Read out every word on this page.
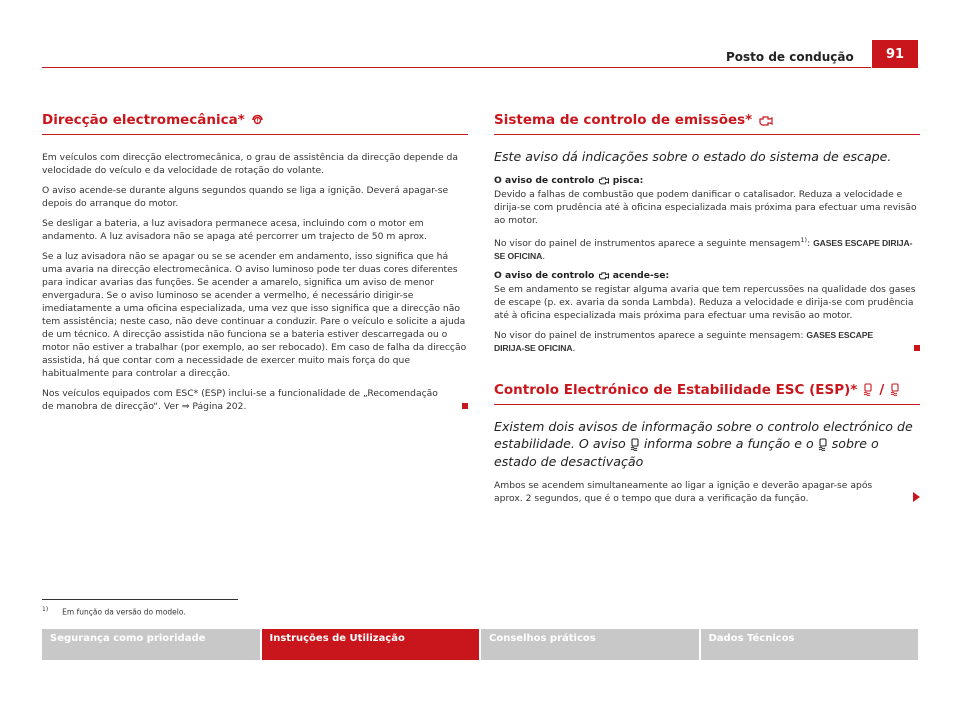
Posto de condução	91
Direcção electromecânica* !

Em veículos com direcção electromecânica, o grau de assistência da direcção depende da velocidade do veículo e da velocidade de rotação do volante.

O aviso acende-se durante alguns segundos quando se liga a ignição. Deverá apagar-se depois do arranque do motor.

Se desligar a bateria, a luz avisadora permanece acesa, incluindo com o motor em andamento. A luz avisadora não se apaga até percorrer um trajecto de 50 m aprox.

Se a luz avisadora não se apagar ou se se acender em andamento, isso significa que há uma avaria na direcção electromecânica. O aviso luminoso pode ter duas cores diferentes para indicar avarias das funções. Se acender a amarelo, significa um aviso de menor envergadura. Se o aviso luminoso se acender a vermelho, é necessário dirigir-se imediatamente a uma oficina especializada, uma vez que isso significa que a direcção não tem assistência; neste caso, não deve continuar a conduzir. Pare o veículo e solicite a ajuda de um técnico. A direcção assistida não funciona se a bateria estiver descarregada ou o motor não estiver a trabalhar (por exemplo, ao ser rebocado). Em caso de falha da direcção assistida, há que contar com a necessidade de exercer muito mais força do que habitualmente para controlar a direcção.

Nos veículos equipados com ESC* (ESP) inclui-se a funcionalidade de „Recomendação de manobra de direcção“. Ver ⇒ Página 202.

Sistema de controlo de emissões*

Este aviso dá indicações sobre o estado do sistema de escape.

O aviso de controlo pisca:

Devido a falhas de combustão que podem danificar o catalisador. Reduza a velocidade e dirija-se com prudência até à oficina especializada mais próxima para efectuar uma revisão ao motor.

No visor do painel de instrumentos aparece a seguinte mensagem$^{1)}$: GASES ESCAPE DIRIJA-SE OFICINA.

O aviso de controlo acende-se:

Se em andamento se registar alguma avaria que tem repercussões na qualidade dos gases de escape (p. ex. avaria da sonda Lambda). Reduza a velocidade e dirija-se com prudência até à oficina especializada mais próxima para efectuar uma revisão ao motor.

No visor do painel de instrumentos aparece a seguinte mensagem: GASES ESCAPE DIRIJA-SE OFICINA.

Controlo Electrónico de Estabilidade ESC (ESP)* /

Existem dois avisos de informação sobre o controlo electrónico de estabilidade. O aviso informa sobre a função e o sobre o estado de desactivação

Ambos se acendem simultaneamente ao ligar a ignição e deverão apagar-se após aprox. 2 segundos, que é o tempo que dura a verificação da função.

$^{1)}$ Em função da versão do modelo.
Segurança como prioridade	Instruções de Utilização	Conselhos práticos	Dados Técnicos
